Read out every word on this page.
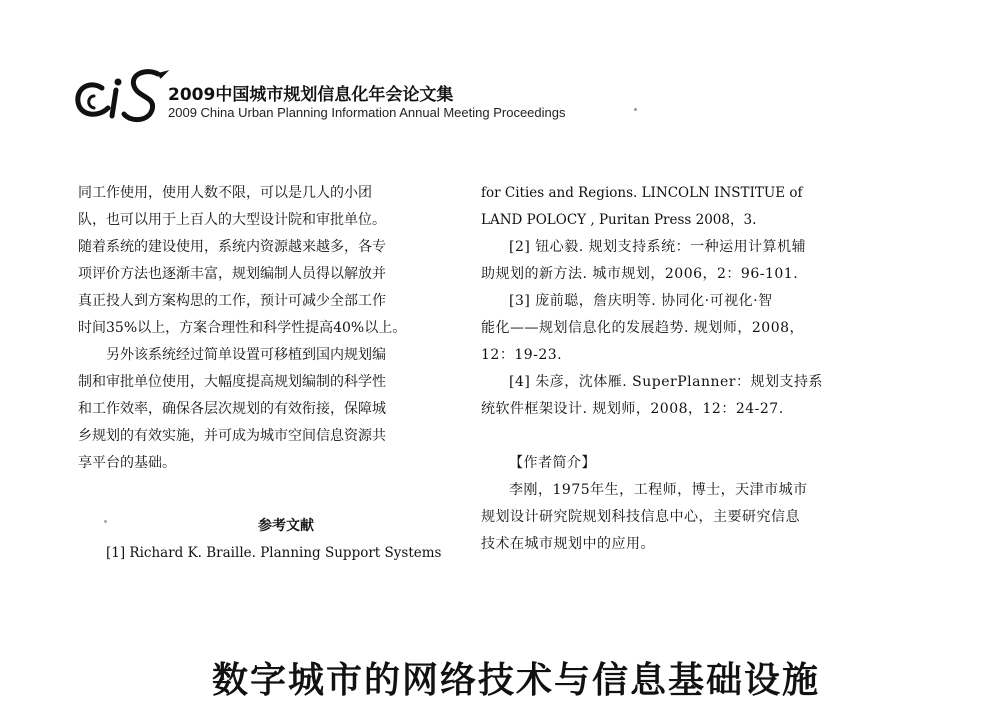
2009中国城市规划信息化年会论文集
2009 China Urban Planning Information Annual Meeting Proceedings
同工作使用，使用人数不限，可以是几人的小团
队，也可以用于上百人的大型设计院和审批单位。
随着系统的建设使用，系统内资源越来越多，各专
项评价方法也逐渐丰富，规划编制人员得以解放并
真正投人到方案构思的工作，预计可减少全部工作
时间35%以上，方案合理性和科学性提高40%以上。
另外该系统经过简单设置可移植到国内规划编
制和审批单位使用，大幅度提高规划编制的科学性
和工作效率，确保各层次规划的有效衔接，保障城
乡规划的有效实施，并可成为城市空间信息资源共
享平台的基础。
参考文献
[1] Richard K. Braille. Planning Support Systems
for Cities and Regions. LINCOLN INSTITUE of
LAND POLOCY , Puritan Press 2008，3.
[2] 钮心毅. 规划支持系统：一种运用计算机辅
助规划的新方法. 城市规划，2006，2：96-101.
[3] 庞前聪，詹庆明等. 协同化·可视化·智
能化——规划信息化的发展趋势. 规划师，2008，
12：19-23.
[4] 朱彦，沈体雁. SuperPlanner：规划支持系
统软件框架设计. 规划师，2008，12：24-27.
【作者简介】
李刚，1975年生，工程师，博士，天津市城市
规划设计研究院规划科技信息中心，主要研究信息
技术在城市规划中的应用。
数字城市的网络技术与信息基础设施
